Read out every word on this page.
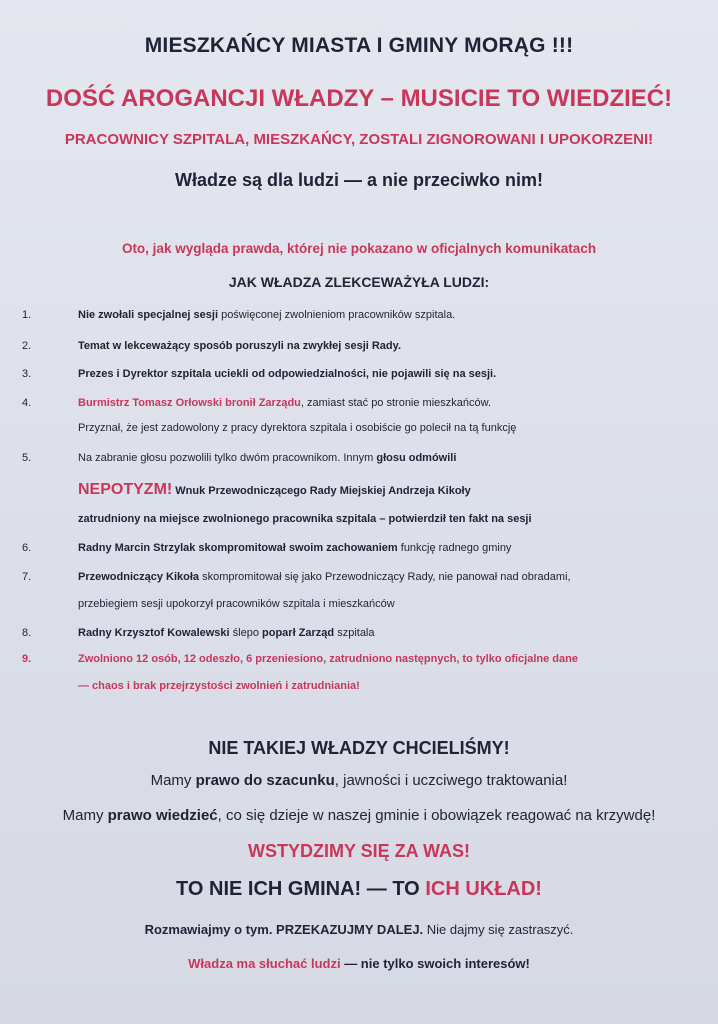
MIESZKAŃCY MIASTA I GMINY MORĄG !!!
DOŚĆ AROGANCJI WŁADZY – MUSICIE TO WIEDZIEĆ!
PRACOWNICY SZPITALA, MIESZKAŃCY, ZOSTALI ZIGNOROWANI I UPOKORZENI!
Władze są dla ludzi — a nie przeciwko nim!
Oto, jak wygląda prawda, której nie pokazano w oficjalnych komunikatach
JAK WŁADZA ZLEKCEWAŻYŁA LUDZI:
1.	Nie zwołali specjalnej sesji poświęconej zwolnieniom pracowników szpitala.
2.	Temat w lekceważący sposób poruszyli na zwykłej sesji Rady.
3.	Prezes i Dyrektor szpitala uciekli od odpowiedzialności, nie pojawili się na sesji.
4.	Burmistrz Tomasz Orłowski bronił Zarządu, zamiast stać po stronie mieszkańców.
Przyznał, że jest zadowolony z pracy dyrektora szpitala i osobiście go polecił na tą funkcję
5.	Na zabranie głosu pozwolili tylko dwóm pracownikom. Innym głosu odmówili
NEPOTYZM! Wnuk Przewodniczącego Rady Miejskiej Andrzeja Kikoły
zatrudniony na miejsce zwolnionego pracownika szpitala – potwierdził ten fakt na sesji
6.	Radny Marcin Strzylak skompromitował swoim zachowaniem funkcję radnego gminy
7.	Przewodniczący Kikoła skompromitował się jako Przewodniczący Rady, nie panował nad obradami,
przebiegiem sesji upokorzył pracowników szpitala i mieszkańców
8.	Radny Krzysztof Kowalewski ślepo poparł Zarząd szpitala
9.	Zwolniono 12 osób, 12 odeszło, 6 przeniesiono, zatrudniono następnych, to tylko oficjalne dane
— chaos i brak przejrzystości zwolnień i zatrudniania!
NIE TAKIEJ WŁADZY CHCIELIŚMY!
Mamy prawo do szacunku, jawności i uczciwego traktowania!
Mamy prawo wiedzieć, co się dzieje w naszej gminie i obowiązek reagować na krzywdę!
WSTYDZIMY SIĘ ZA WAS!
TO NIE ICH GMINA! — TO ICH UKŁAD!
Rozmawiajmy o tym. PRZEKAZUJMY DALEJ. Nie dajmy się zastraszyć.
Władza ma słuchać ludzi — nie tylko swoich interesów!
